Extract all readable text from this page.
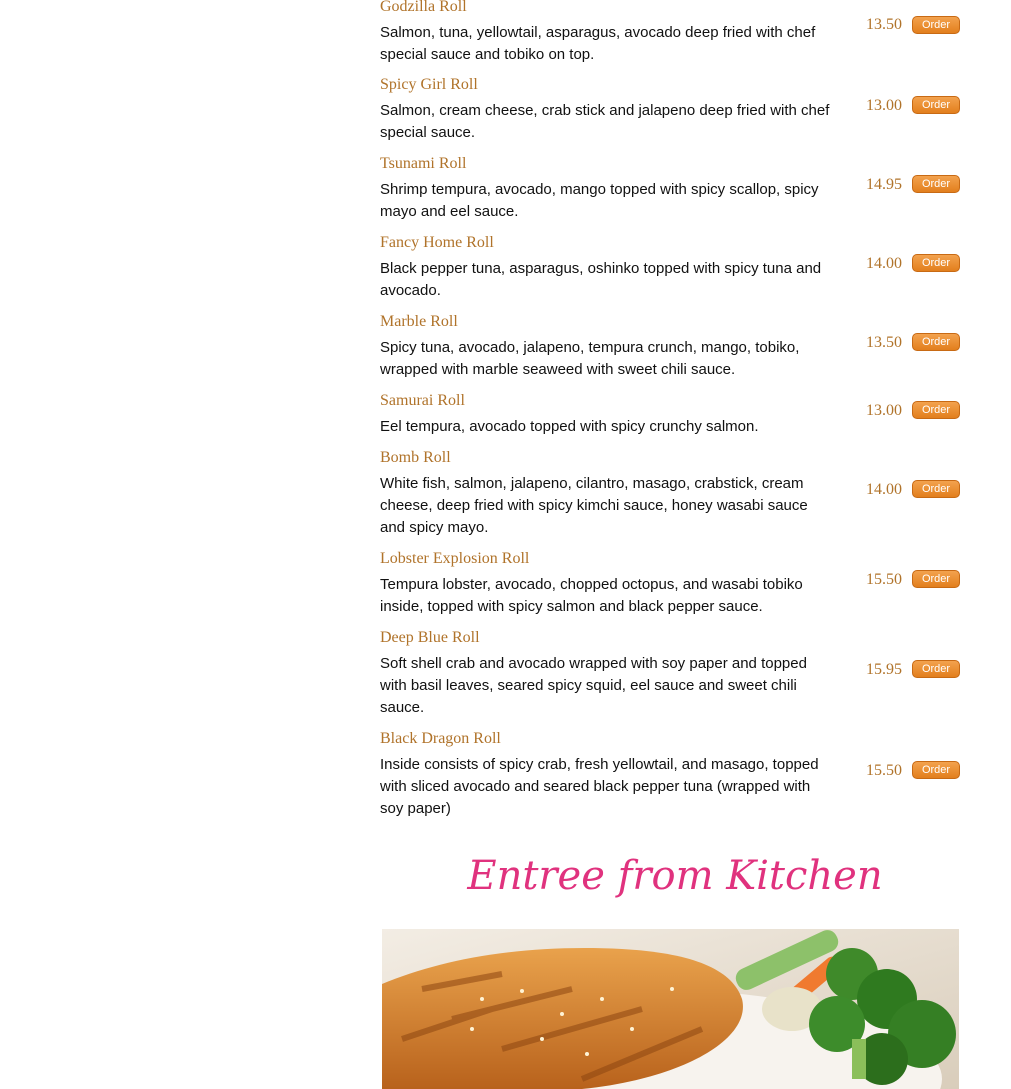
Godzilla Roll
Salmon, tuna, yellowtail, asparagus, avocado deep fried with chef special sauce and tobiko on top.
13.50	Order
Spicy Girl Roll
Salmon, cream cheese, crab stick and jalapeno deep fried with chef special sauce.
13.00	Order
Tsunami Roll
Shrimp tempura, avocado, mango topped with spicy scallop, spicy mayo and eel sauce.
14.95	Order
Fancy Home Roll
Black pepper tuna, asparagus, oshinko topped with spicy tuna and avocado.
14.00	Order
Marble Roll
Spicy tuna, avocado, jalapeno, tempura crunch, mango, tobiko, wrapped with marble seaweed with sweet chili sauce.
13.50	Order
Samurai Roll
Eel tempura, avocado topped with spicy crunchy salmon.
13.00	Order
Bomb Roll
White fish, salmon, jalapeno, cilantro, masago, crabstick, cream cheese, deep fried with spicy kimchi sauce, honey wasabi sauce and spicy mayo.
14.00	Order
Lobster Explosion Roll
Tempura lobster, avocado, chopped octopus, and wasabi tobiko inside, topped with spicy salmon and black pepper sauce.
15.50	Order
Deep Blue Roll
Soft shell crab and avocado wrapped with soy paper and topped with basil leaves, seared spicy squid, eel sauce and sweet chili sauce.
15.95	Order
Black Dragon Roll
Inside consists of spicy crab, fresh yellowtail, and masago, topped with sliced avocado and seared black pepper tuna (wrapped with soy paper)
15.50	Order
Entree from Kitchen
